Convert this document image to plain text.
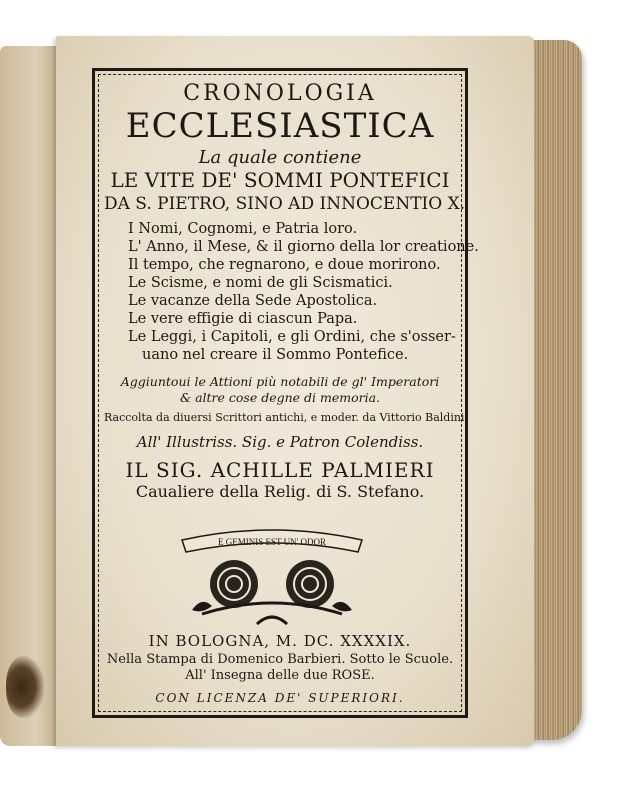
CRONOLOGIA

ECCLESIASTICA

La quale contiene

LE VITE DE' SOMMI PONTEFICI

DA S. PIETRO, SINO AD INNOCENTIO X.

I Nomi, Cognomi, e Patria loro.
L' Anno, il Mese, & il giorno della lor creatione.
Il tempo, che regnarono, e doue morirono.
Le Scisme, e nomi de gli Scismatici.
Le vacanze della Sede Apostolica.
Le vere effigie di ciascun Papa.
Le Leggi, i Capitoli, e gli Ordini, che s'osser-
uano nel creare il Sommo Pontefice.
Aggiuntoui le Attioni più notabili de gl' Imperatori
& altre cose degne di memoria.

Raccolta da diuersi Scrittori antichi, e moder. da Vittorio Baldini.

All' Illustriss. Sig. e Patron Colendiss.

IL SIG. ACHILLE PALMIERI

Caualiere della Relig. di S. Stefano.

E GEMINIS EST UN' ODOR
IN BOLOGNA, M. DC. XXXXIX.
Nella Stampa di Domenico Barbieri. Sotto le Scuole.
All' Insegna delle due ROSE.
CON LICENZA DE' SUPERIORI.
